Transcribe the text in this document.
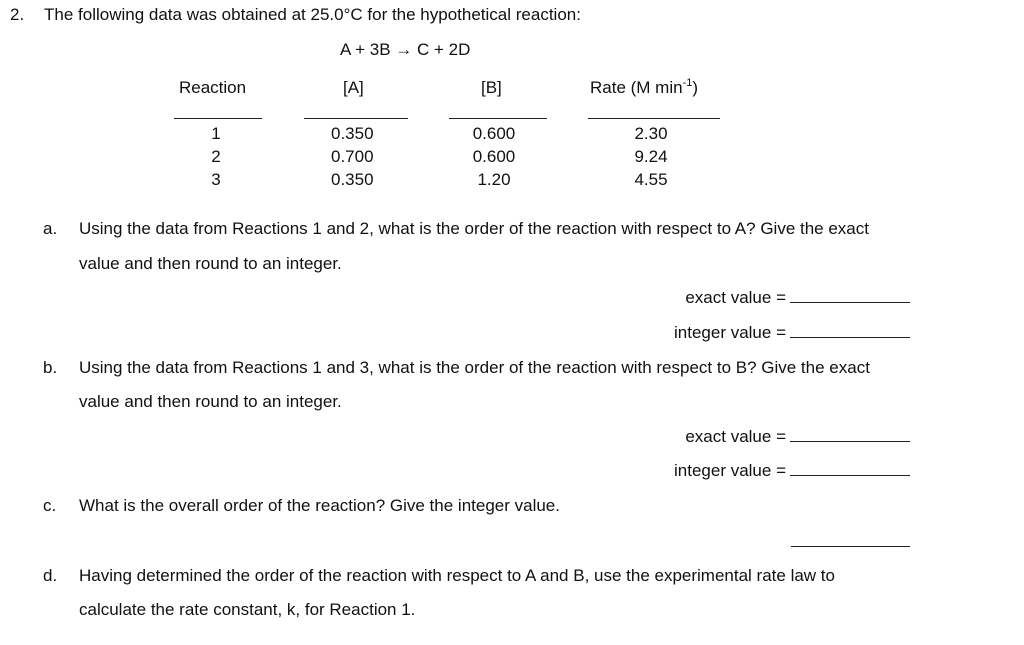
2. The following data was obtained at 25.0°C for the hypothetical reaction:
A + 3B → C + 2D
Reaction	[A]	[B]	Rate (M $\min^{-1}$)
1	0.350	0.600	2.30
2	0.700	0.600	9.24
3	0.350	1.20	4.55
a. Using the data from Reactions 1 and 2, what is the order of the reaction with respect to A? Give the exact
value and then round to an integer.
exact value =
integer value =
b. Using the data from Reactions 1 and 3, what is the order of the reaction with respect to B? Give the exact
value and then round to an integer.
exact value =
integer value =
c. What is the overall order of the reaction? Give the integer value.
d. Having determined the order of the reaction with respect to A and B, use the experimental rate law to
calculate the rate constant, k, for Reaction 1.
